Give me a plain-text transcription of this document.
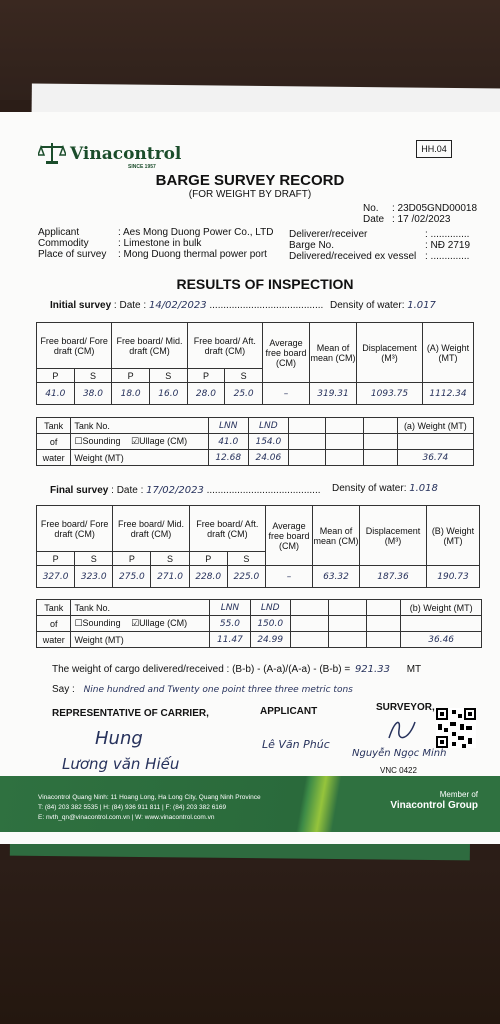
Vinacontrol
SINCE 1957
HH.04
BARGE SURVEY RECORD
(FOR WEIGHT BY DRAFT)
No. : 23D05GND00018
Date : 17 /02/2023
Applicant	: Aes Mong Duong Power Co., LTD
Commodity	: Limestone in bulk
Place of survey : Mong Duong thermal power port
Deliverer/receiver	: ..............
Barge No.	: NĐ 2719
Delivered/received ex vessel : ..............
RESULTS OF INSPECTION
Initial survey : Date : 14/02/2023 ......................................... Density of water: 1.017
Free board/ Fore draft (CM)		Free board/ Mid. draft (CM)		Free board/ Aft. draft (CM)		Average free board (CM)	Mean of mean (CM)	Displacement (M³)	(A) Weight (MT)
P	S	P	S	P	S				
41.0	38.0	18.0	16.0	28.0	25.0	–	319.31	1093.75	1112.34
Tank	Tank No.	LNN	LND				(a) Weight (MT)
of	☐Sounding ☑Ullage (CM)	41.0	154.0				
water	Weight (MT)	12.68	24.06				36.74
Final survey : Date : 17/02/2023 ......................................... Density of water: 1.018
Free board/ Fore draft (CM)		Free board/ Mid. draft (CM)		Free board/ Aft. draft (CM)		Average free board (CM)	Mean of mean (CM)	Displacement (M³)	(B) Weight (MT)
P	S	P	S	P	S				
327.0	323.0	275.0	271.0	228.0	225.0	–	63.32	187.36	190.73
Tank	Tank No.	LNN	LND				(b) Weight (MT)
of	☐Sounding ☑Ullage (CM)	55.0	150.0				
water	Weight (MT)	11.47	24.99				36.46
The weight of cargo delivered/received : (B-b) - (A-a)/(A-a) - (B-b) = 921.33 MT
Say : Nine hundred and Twenty one point three three metric tons
REPRESENTATIVE OF CARRIER,	APPLICANT	SURVEYOR,
Hung
Lương văn Hiếu
Lê Văn Phúc
Nguyễn Ngọc Minh
VNC 0422
Vinacontrol Quang Ninh: 11 Hoang Long, Ha Long City, Quang Ninh Province
T: (84) 203 382 5535 | H: (84) 936 911 811 | F: (84) 203 382 6169
E: nvth_qn@vinacontrol.com.vn | W: www.vinacontrol.com.vn
Member of
Vinacontrol Group
